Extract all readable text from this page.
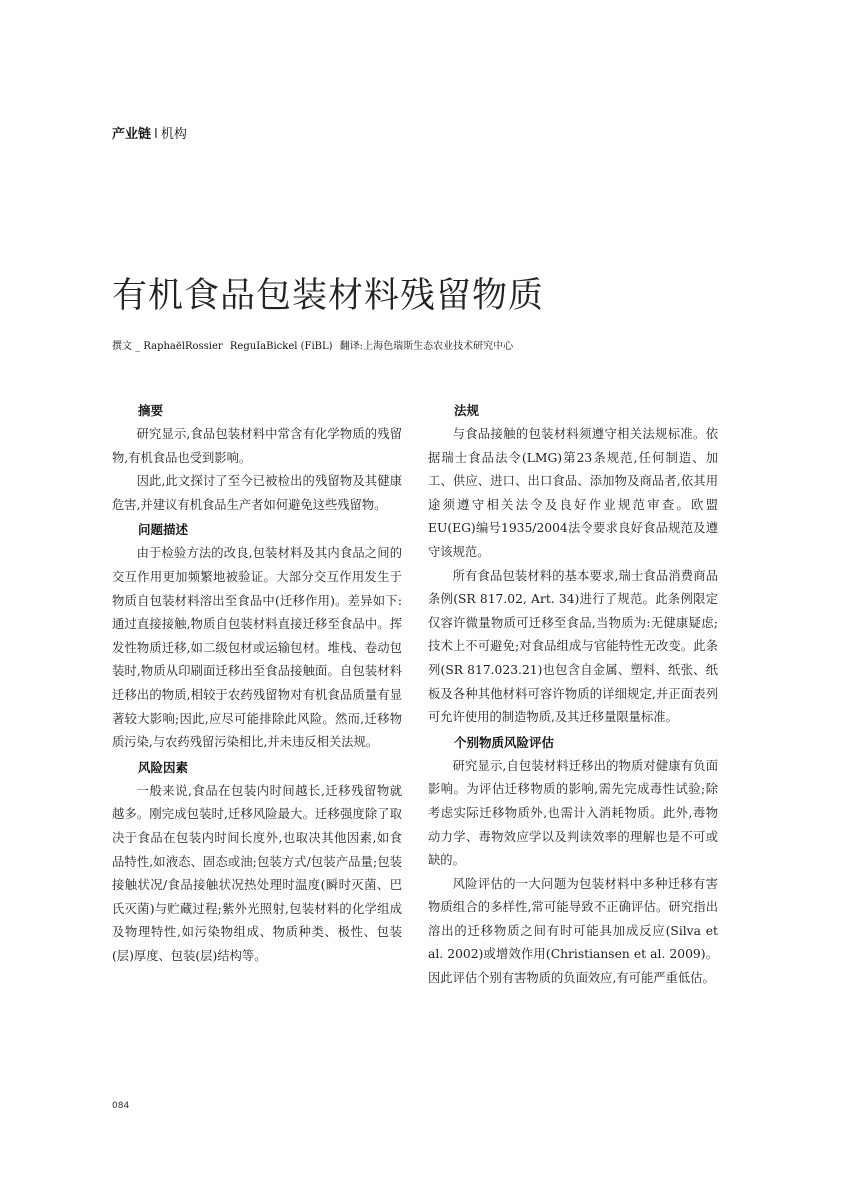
产业链 I 机构
有机食品包装材料残留物质
撰文 _ RaphaëlRossier ReguIaBickel (FiBL) 翻译:上海色瑞斯生态农业技术研究中心
摘要

研究显示,食品包装材料中常含有化学物质的残留物,有机食品也受到影响。

因此,此文探讨了至今已被检出的残留物及其健康危害,并建议有机食品生产者如何避免这些残留物。

问题描述

由于检验方法的改良,包装材料及其内食品之间的交互作用更加频繁地被验证。大部分交互作用发生于物质自包装材料溶出至食品中(迁移作用)。差异如下:通过直接接触,物质自包装材料直接迁移至食品中。挥发性物质迁移,如二级包材或运输包材。堆栈、卷动包装时,物质从印刷面迁移出至食品接触面。自包装材料迁移出的物质,相较于农药残留物对有机食品质量有显著较大影响;因此,应尽可能排除此风险。然而,迁移物质污染,与农药残留污染相比,并未违反相关法规。

风险因素

一般来说,食品在包装内时间越长,迁移残留物就越多。刚完成包装时,迁移风险最大。迁移强度除了取决于食品在包装内时间长度外,也取决其他因素,如食品特性,如液态、固态或油;包装方式/包装产品量;包装接触状况/食品接触状况热处理时温度(瞬时灭菌、巴氏灭菌)与贮藏过程;紫外光照射,包装材料的化学组成及物理特性,如污染物组成、物质种类、极性、包装(层)厚度、包装(层)结构等。

法规

与食品接触的包装材料须遵守相关法规标准。依据瑞士食品法令(LMG)第23条规范,任何制造、加工、供应、进口、出口食品、添加物及商品者,依其用途须遵守相关法令及良好作业规范审查。欧盟EU(EG)编号1935/2004法令要求良好食品规范及遵守该规范。

所有食品包装材料的基本要求,瑞士食品消费商品条例(SR 817.02, Art. 34)进行了规范。此条例限定仅容许微量物质可迁移至食品,当物质为:无健康疑虑;技术上不可避免;对食品组成与官能特性无改变。此条列(SR 817.023.21)也包含自金属、塑料、纸张、纸板及各种其他材料可容许物质的详细规定,并正面表列可允许使用的制造物质,及其迁移量限量标准。

个别物质风险评估

研究显示,自包装材料迁移出的物质对健康有负面影响。为评估迁移物质的影响,需先完成毒性试验;除考虑实际迁移物质外,也需计入消耗物质。此外,毒物动力学、毒物效应学以及判读效率的理解也是不可或缺的。

风险评估的一大问题为包装材料中多种迁移有害物质组合的多样性,常可能导致不正确评估。研究指出溶出的迁移物质之间有时可能具加成反应(Silva et al. 2002)或增效作用(Christiansen et al. 2009)。因此评估个别有害物质的负面效应,有可能严重低估。

084
